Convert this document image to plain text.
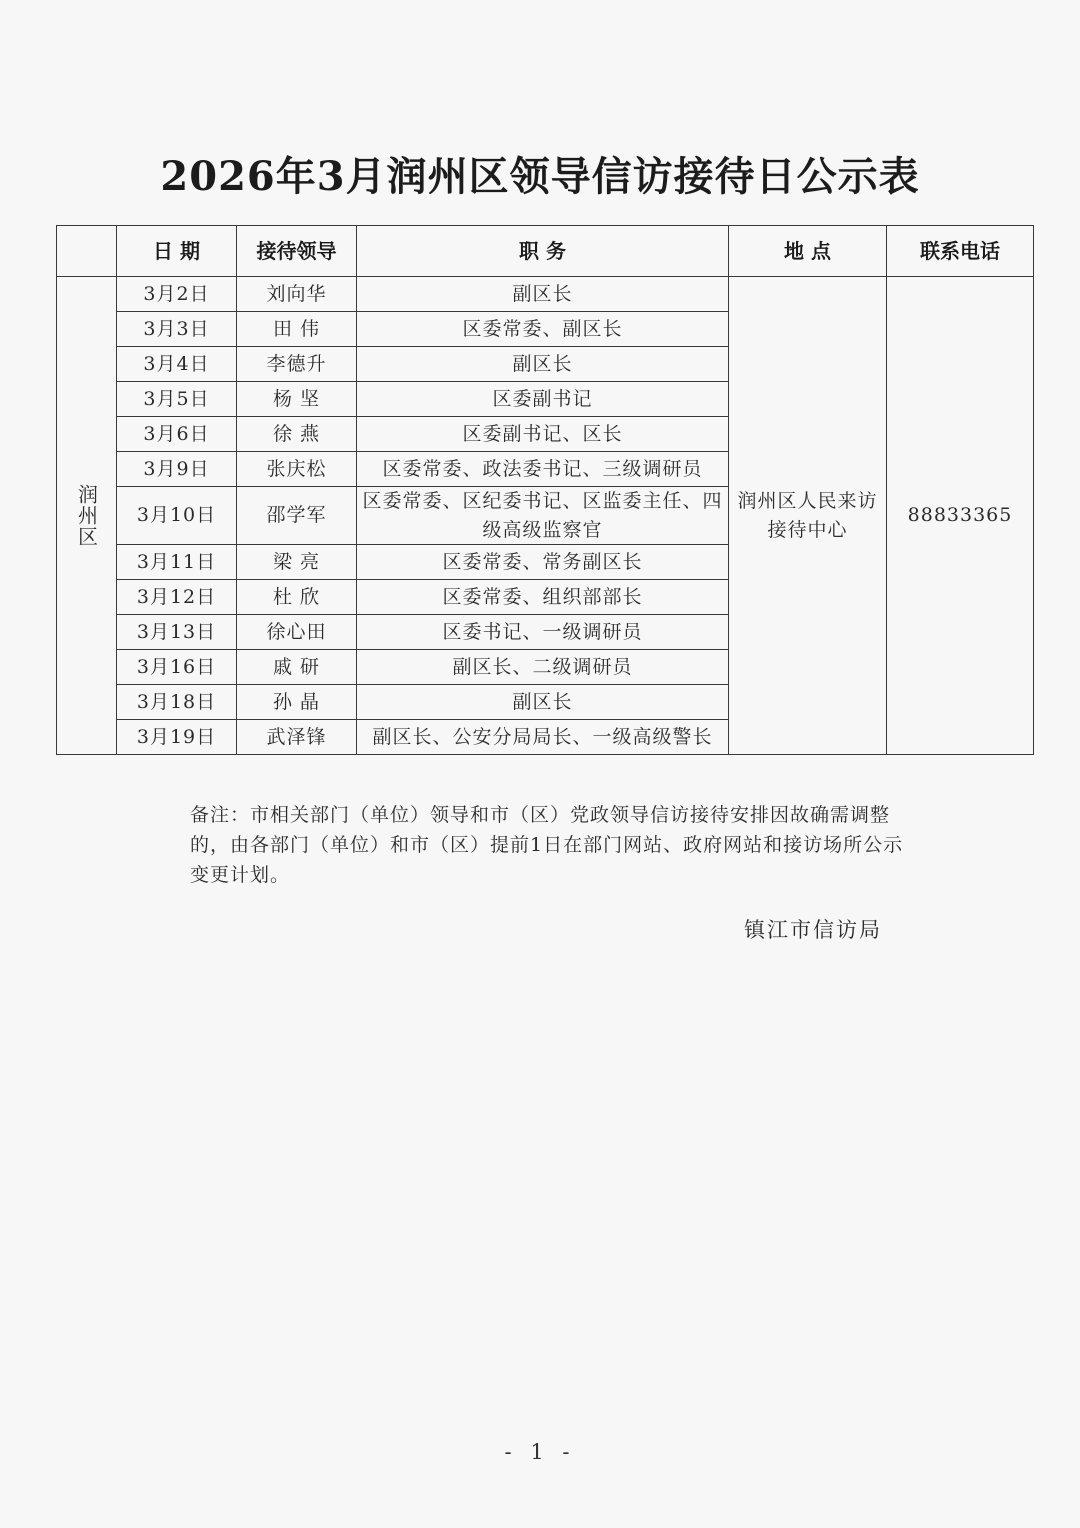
2026年3月润州区领导信访接待日公示表
	日 期	接待领导	职 务	地 点	联系电话
润州区	3月2日	刘向华	副区长	润州区人民来访接待中心	88833365
	3月3日	田 伟	区委常委、副区长		
	3月4日	李德升	副区长		
	3月5日	杨 坚	区委副书记		
	3月6日	徐 燕	区委副书记、区长		
	3月9日	张庆松	区委常委、政法委书记、三级调研员		
	3月10日	邵学军	区委常委、区纪委书记、区监委主任、四级高级监察官		
	3月11日	梁 亮	区委常委、常务副区长		
	3月12日	杜 欣	区委常委、组织部部长		
	3月13日	徐心田	区委书记、一级调研员		
	3月16日	戚 研	副区长、二级调研员		
	3月18日	孙 晶	副区长		
	3月19日	武泽锋	副区长、公安分局局长、一级高级警长		

备注：市相关部门（单位）领导和市（区）党政领导信访接待安排因故确需调整的，由各部门（单位）和市（区）提前1日在部门网站、政府网站和接访场所公示变更计划。

镇江市信访局
- 1 -
